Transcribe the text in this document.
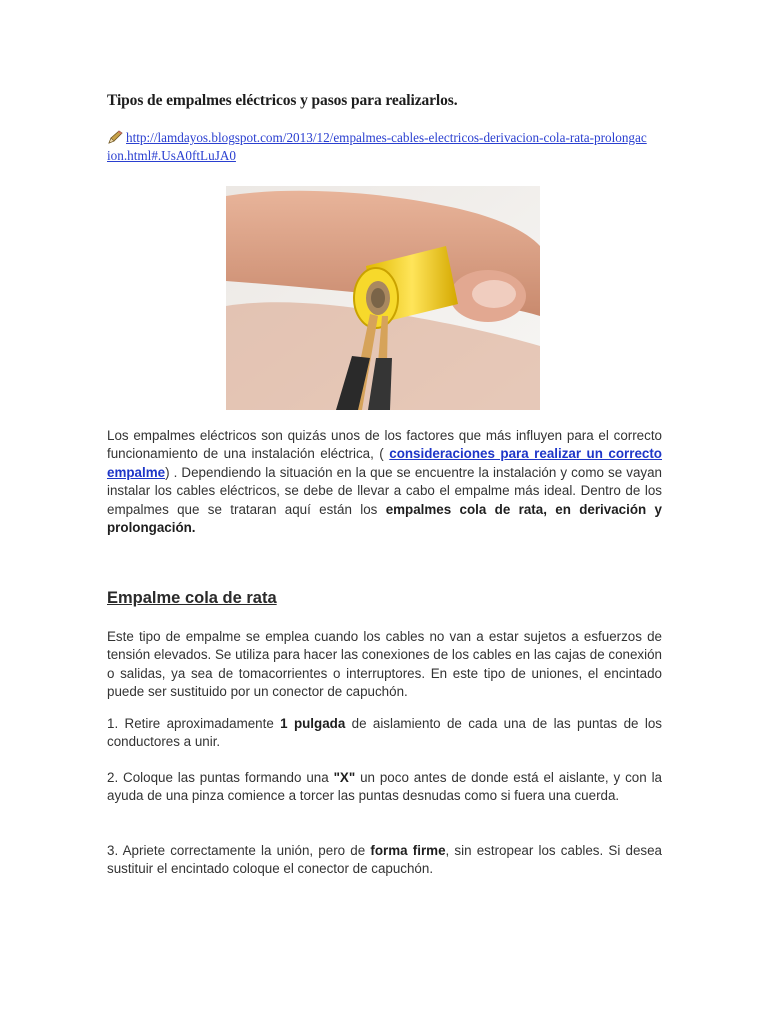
Tipos de empalmes eléctricos y pasos para realizarlos.
http://lamdayos.blogspot.com/2013/12/empalmes-cables-electricos-derivacion-cola-rata-prolongacion.html#.UsA0ftLuJA0
Los empalmes eléctricos son quizás unos de los factores que más influyen para el correcto funcionamiento de una instalación eléctrica, ( consideraciones para realizar un correcto empalme) . Dependiendo la situación en la que se encuentre la instalación y como se vayan instalar los cables eléctricos, se debe de llevar a cabo el empalme más ideal. Dentro de los empalmes que se trataran aquí están los empalmes cola de rata, en derivación y prolongación.
Empalme cola de rata
Este tipo de empalme se emplea cuando los cables no van a estar sujetos a esfuerzos de tensión elevados. Se utiliza para hacer las conexiones de los cables en las cajas de conexión o salidas, ya sea de tomacorrientes o interruptores. En este tipo de uniones, el encintado puede ser sustituido por un conector de capuchón.
1. Retire aproximadamente 1 pulgada de aislamiento de cada una de las puntas de los conductores a unir.
2. Coloque las puntas formando una "X" un poco antes de donde está el aislante, y con la ayuda de una pinza comience a torcer las puntas desnudas como si fuera una cuerda.
3. Apriete correctamente la unión, pero de forma firme, sin estropear los cables. Si desea sustituir el encintado coloque el conector de capuchón.
